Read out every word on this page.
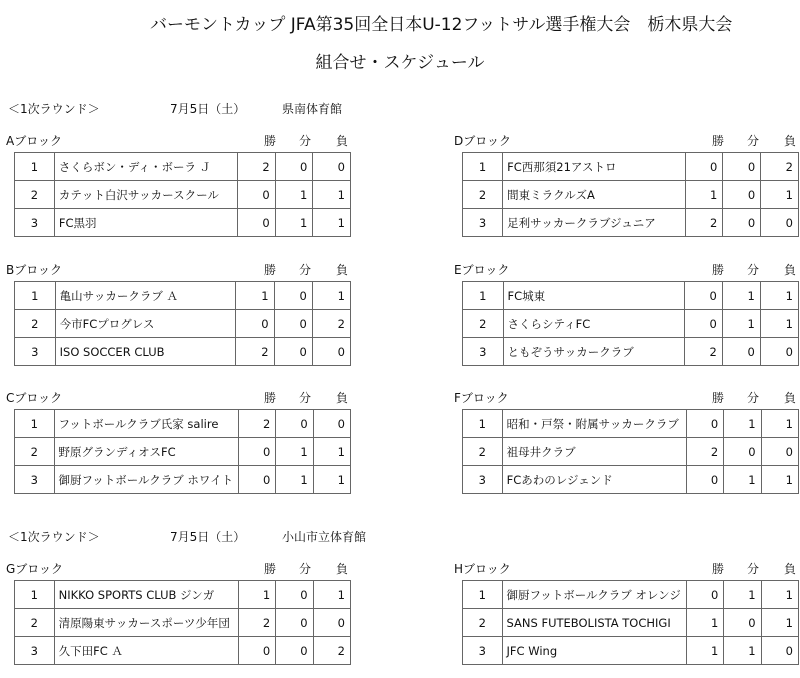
バーモントカップ JFA第35回全日本U-12フットサル選手権大会　栃木県大会
組合せ・スケジュール
＜1次ラウンド＞	7月5日（土）	県南体育館
＜1次ラウンド＞	7月5日（土）	小山市立体育館
Aブロック	勝	分	負
1	さくらボン・ディ・ボーラ Ｊ	2	0	0
2	カテット白沢サッカースクール	0	1	1
3	FC黒羽	0	1	1
Dブロック	勝	分	負
1	FC西那須21アストロ	0	0	2
2	間東ミラクルズA	1	0	1
3	足利サッカークラブジュニア	2	0	0
Bブロック	勝	分	負
1	亀山サッカークラブ Ａ	1	0	1
2	今市FCプログレス	0	0	2
3	ISO SOCCER CLUB	2	0	0
Eブロック	勝	分	負
1	FC城東	0	1	1
2	さくらシティFC	0	1	1
3	ともぞうサッカークラブ	2	0	0
Cブロック	勝	分	負
1	フットボールクラブ氏家 salire	2	0	0
2	野原グランディオスFC	0	1	1
3	御厨フットボールクラブ ホワイト	0	1	1
Fブロック	勝	分	負
1	昭和・戸祭・附属サッカークラブ	0	1	1
2	祖母井クラブ	2	0	0
3	FCあわのレジェンド	0	1	1
Gブロック	勝	分	負
1	NIKKO SPORTS CLUB ジンガ	1	0	1
2	清原陽東サッカースポーツ少年団	2	0	0
3	久下田FC Ａ	0	0	2
Hブロック	勝	分	負
1	御厨フットボールクラブ オレンジ	0	1	1
2	SANS FUTEBOLISTA TOCHIGI	1	0	1
3	JFC Wing	1	1	0
